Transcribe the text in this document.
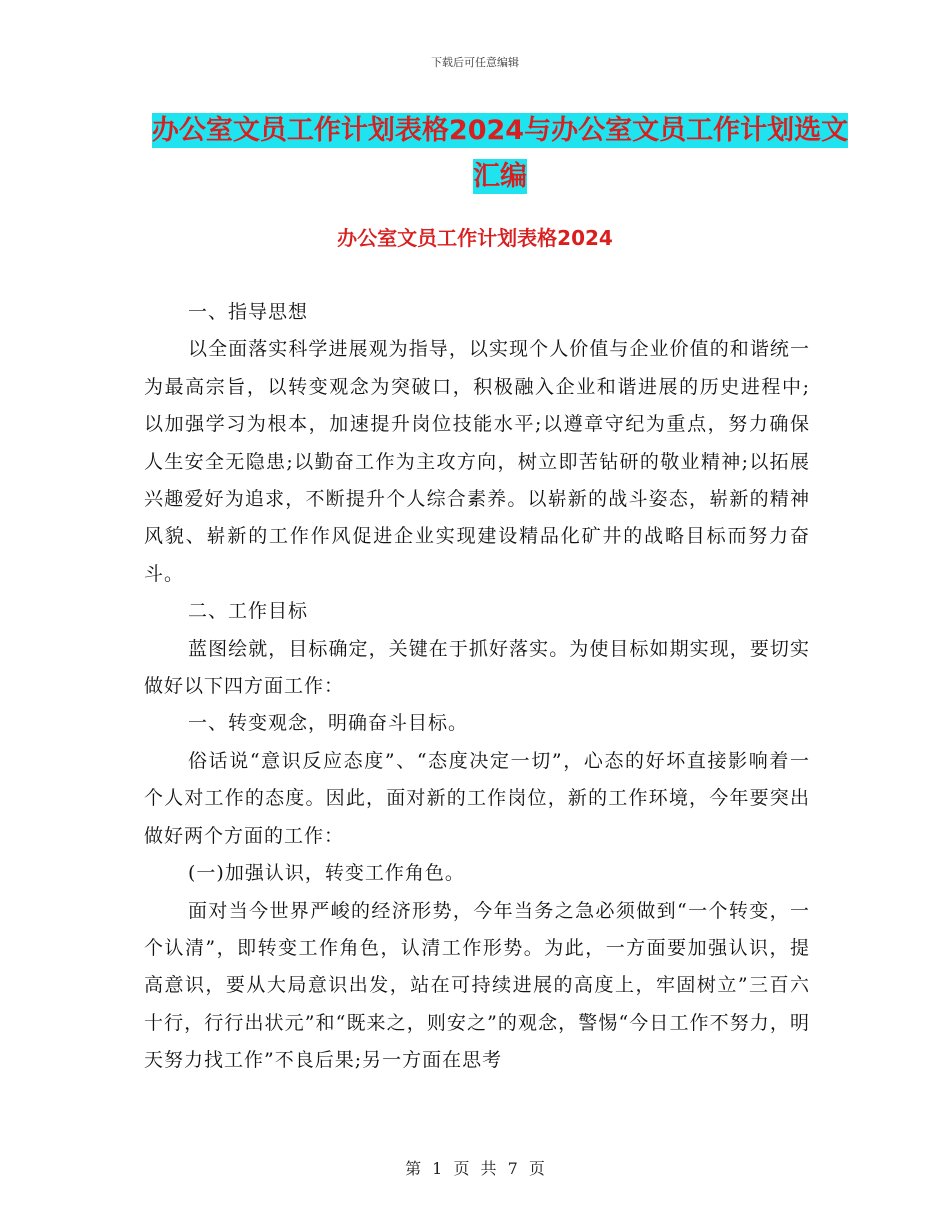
下载后可任意编辑
办公室文员工作计划表格2024与办公室文员工作计划选文汇编
办公室文员工作计划表格2024

一、指导思想

以全面落实科学进展观为指导，以实现个人价值与企业价值的和谐统一为最高宗旨，以转变观念为突破口，积极融入企业和谐进展的历史进程中;以加强学习为根本，加速提升岗位技能水平;以遵章守纪为重点，努力确保人生安全无隐患;以勤奋工作为主攻方向，树立即苦钻研的敬业精神;以拓展兴趣爱好为追求，不断提升个人综合素养。以崭新的战斗姿态，崭新的精神风貌、崭新的工作作风促进企业实现建设精品化矿井的战略目标而努力奋斗。

二、工作目标

蓝图绘就，目标确定，关键在于抓好落实。为使目标如期实现，要切实做好以下四方面工作：

一、转变观念，明确奋斗目标。

俗话说“意识反应态度”、“态度决定一切”，心态的好坏直接影响着一个人对工作的态度。因此，面对新的工作岗位，新的工作环境，今年要突出做好两个方面的工作：

(一)加强认识，转变工作角色。

面对当今世界严峻的经济形势，今年当务之急必须做到“一个转变，一个认清”，即转变工作角色，认清工作形势。为此，一方面要加强认识，提高意识，要从大局意识出发，站在可持续进展的高度上，牢固树立”三百六十行，行行出状元”和“既来之，则安之”的观念，警惕“今日工作不努力，明天努力找工作”不良后果;另一方面在思考

第 1 页 共 7 页
